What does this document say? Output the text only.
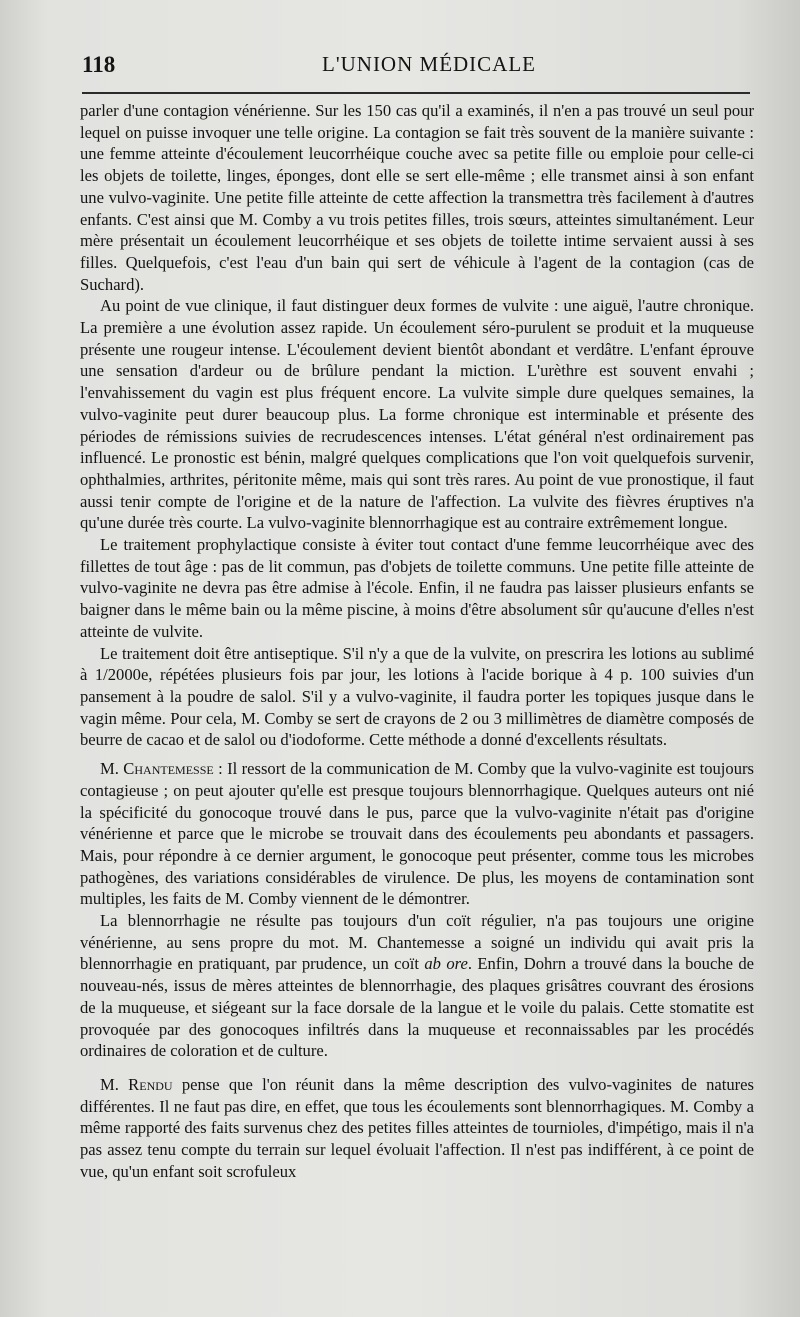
118	L'UNION MÉDICALE

parler d'une contagion vénérienne. Sur les 150 cas qu'il a examinés, il n'en a pas trouvé un seul pour lequel on puisse invoquer une telle origine. La contagion se fait très souvent de la manière suivante : une femme atteinte d'écoulement leucorrhéique couche avec sa petite fille ou emploie pour celle-ci les objets de toilette, linges, éponges, dont elle se sert elle-même ; elle transmet ainsi à son enfant une vulvo-vaginite. Une petite fille atteinte de cette affection la transmettra très facilement à d'autres enfants. C'est ainsi que M. Comby a vu trois petites filles, trois sœurs, atteintes simultanément. Leur mère présentait un écoulement leucorrhéique et ses objets de toilette intime servaient aussi à ses filles. Quelquefois, c'est l'eau d'un bain qui sert de véhicule à l'agent de la contagion (cas de Suchard).

Au point de vue clinique, il faut distinguer deux formes de vulvite : une aiguë, l'autre chronique. La première a une évolution assez rapide. Un écoulement séro-purulent se produit et la muqueuse présente une rougeur intense. L'écoulement devient bientôt abondant et verdâtre. L'enfant éprouve une sensation d'ardeur ou de brûlure pendant la miction. L'urèthre est souvent envahi ; l'envahissement du vagin est plus fréquent encore. La vulvite simple dure quelques semaines, la vulvo-vaginite peut durer beaucoup plus. La forme chronique est interminable et présente des périodes de rémissions suivies de recrudescences intenses. L'état général n'est ordinairement pas influencé. Le pronostic est bénin, malgré quelques complications que l'on voit quelquefois survenir, ophthalmies, arthrites, péritonite même, mais qui sont très rares. Au point de vue pronostique, il faut aussi tenir compte de l'origine et de la nature de l'affection. La vulvite des fièvres éruptives n'a qu'une durée très courte. La vulvo-vaginite blennorrhagique est au contraire extrêmement longue.

Le traitement prophylactique consiste à éviter tout contact d'une femme leucorrhéique avec des fillettes de tout âge : pas de lit commun, pas d'objets de toilette communs. Une petite fille atteinte de vulvo-vaginite ne devra pas être admise à l'école. Enfin, il ne faudra pas laisser plusieurs enfants se baigner dans le même bain ou la même piscine, à moins d'être absolument sûr qu'aucune d'elles n'est atteinte de vulvite.

Le traitement doit être antiseptique. S'il n'y a que de la vulvite, on prescrira les lotions au sublimé à 1/2000e, répétées plusieurs fois par jour, les lotions à l'acide borique à 4 p. 100 suivies d'un pansement à la poudre de salol. S'il y a vulvo-vaginite, il faudra porter les topiques jusque dans le vagin même. Pour cela, M. Comby se sert de crayons de 2 ou 3 millimètres de diamètre composés de beurre de cacao et de salol ou d'iodoforme. Cette méthode a donné d'excellents résultats.

M. Chantemesse : Il ressort de la communication de M. Comby que la vulvo-vaginite est toujours contagieuse ; on peut ajouter qu'elle est presque toujours blennorrhagique. Quelques auteurs ont nié la spécificité du gonocoque trouvé dans le pus, parce que la vulvo-vaginite n'était pas d'origine vénérienne et parce que le microbe se trouvait dans des écoulements peu abondants et passagers. Mais, pour répondre à ce dernier argument, le gonocoque peut présenter, comme tous les microbes pathogènes, des variations considérables de virulence. De plus, les moyens de contamination sont multiples, les faits de M. Comby viennent de le démontrer.

La blennorrhagie ne résulte pas toujours d'un coït régulier, n'a pas toujours une origine vénérienne, au sens propre du mot. M. Chantemesse a soigné un individu qui avait pris la blennorrhagie en pratiquant, par prudence, un coït ab ore. Enfin, Dohrn a trouvé dans la bouche de nouveau-nés, issus de mères atteintes de blennorrhagie, des plaques grisâtres couvrant des érosions de la muqueuse, et siégeant sur la face dorsale de la langue et le voile du palais. Cette stomatite est provoquée par des gonocoques infiltrés dans la muqueuse et reconnaissables par les procédés ordinaires de coloration et de culture.

M. Rendu pense que l'on réunit dans la même description des vulvo-vaginites de natures différentes. Il ne faut pas dire, en effet, que tous les écoulements sont blennorrhagiques. M. Comby a même rapporté des faits survenus chez des petites filles atteintes de tournioles, d'impétigo, mais il n'a pas assez tenu compte du terrain sur lequel évoluait l'affection. Il n'est pas indifférent, à ce point de vue, qu'un enfant soit scrofuleux
